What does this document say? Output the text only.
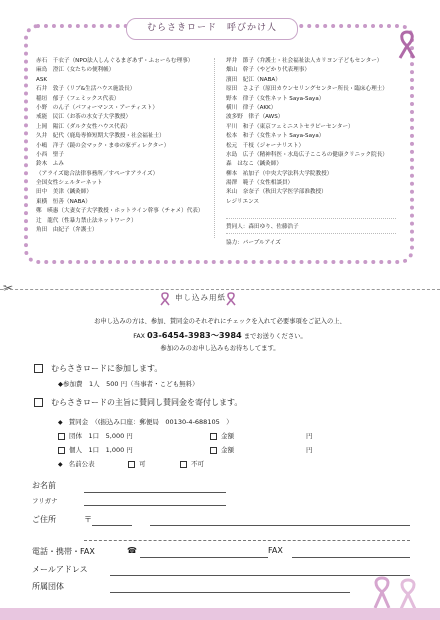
むらさきロード　呼びかけ人
赤石　千衣子（NPO法人しんぐるまざあず・ふぉーらむ理事）
麻鳥　澄江（女たちの便利帳）
ASK
石井　敦子（リブ&生活ハウス施設長）
稲垣　郁子（フェミックス代表）
小野　のん子（パフォーマンス・アーティスト）
戒能　民江（お茶の水女子大学教授）
上岡　陽江（ダルク女性ハウス代表）
久井　紀代（鹿島専修短期大学教授・社会福祉士）
小嶋　洋子（鏡の会マック・まゆの家ディレクター）
小西　聖子
鈴木　ふみ
（アライズ総合法律事務所／すぺーすアライズ）
全国女性シェルターネット
田中　美津（鍼灸師）
東横　恒善（NABA）
鄭　暎惠（大妻女子大学教授・ホットライン幹事（チャメ）代表）
辻　龍代（性暴力禁止法ネットワーク）
角田　由紀子（弁護士）
坪井　節子（弁護士・社会福祉法人カリヨン子どもセンター）
畑山　幹子（やどかり代表理事）
濱田　紀江（NABA）
原田　さよ子（原田カウンセリングセンター所長・臨床心理士）
野本　律子（女性ネット Saya-Saya）
横川　律子（AKK）
波多野　律子（AWS）
平川　和子（東京フェミニストセラピーセンター）
松本　和子（女性ネット Saya-Saya）
松元　千枝（ジャーナリスト）
水島　広子（精神科医・水島広子こころの健康クリニック院長）
森　はなこ（鍼灸師）
柳本　祐加子（中央大学法科大学院教授）
湯澤　範子（女性相談員）
米山　奈奈子（秋田大学医学部准教授）
レジリエンス
賛同人：森田ゆり、佐藤浩子
協力：パープルアイズ
✂
申し込み用紙
お申し込みの方は、参加、賛同金のそれぞれにチェックを入れて必要事項をご記入の上、
FAX 03-6454-3983〜3984 までお送りください。
参加のみのお申し込みもお待ちしてます。
むらさきロードに参加します。
◆参加費　1人　500 円（当事者・こども無料）
むらさきロードの主旨に賛同し賛同金を寄付します。
◆ 賛同金　（(振込み口座：郵便局　00130-4-688105　）
団体　1口　5,000 円	金額	円
個人　1口　1,000 円	金額	円
◆ 名前公表	可	不可
お名前
フリガナ
ご住所	〒
電話・携帯・FAX	☎	FAX
メールアドレス
所属団体
